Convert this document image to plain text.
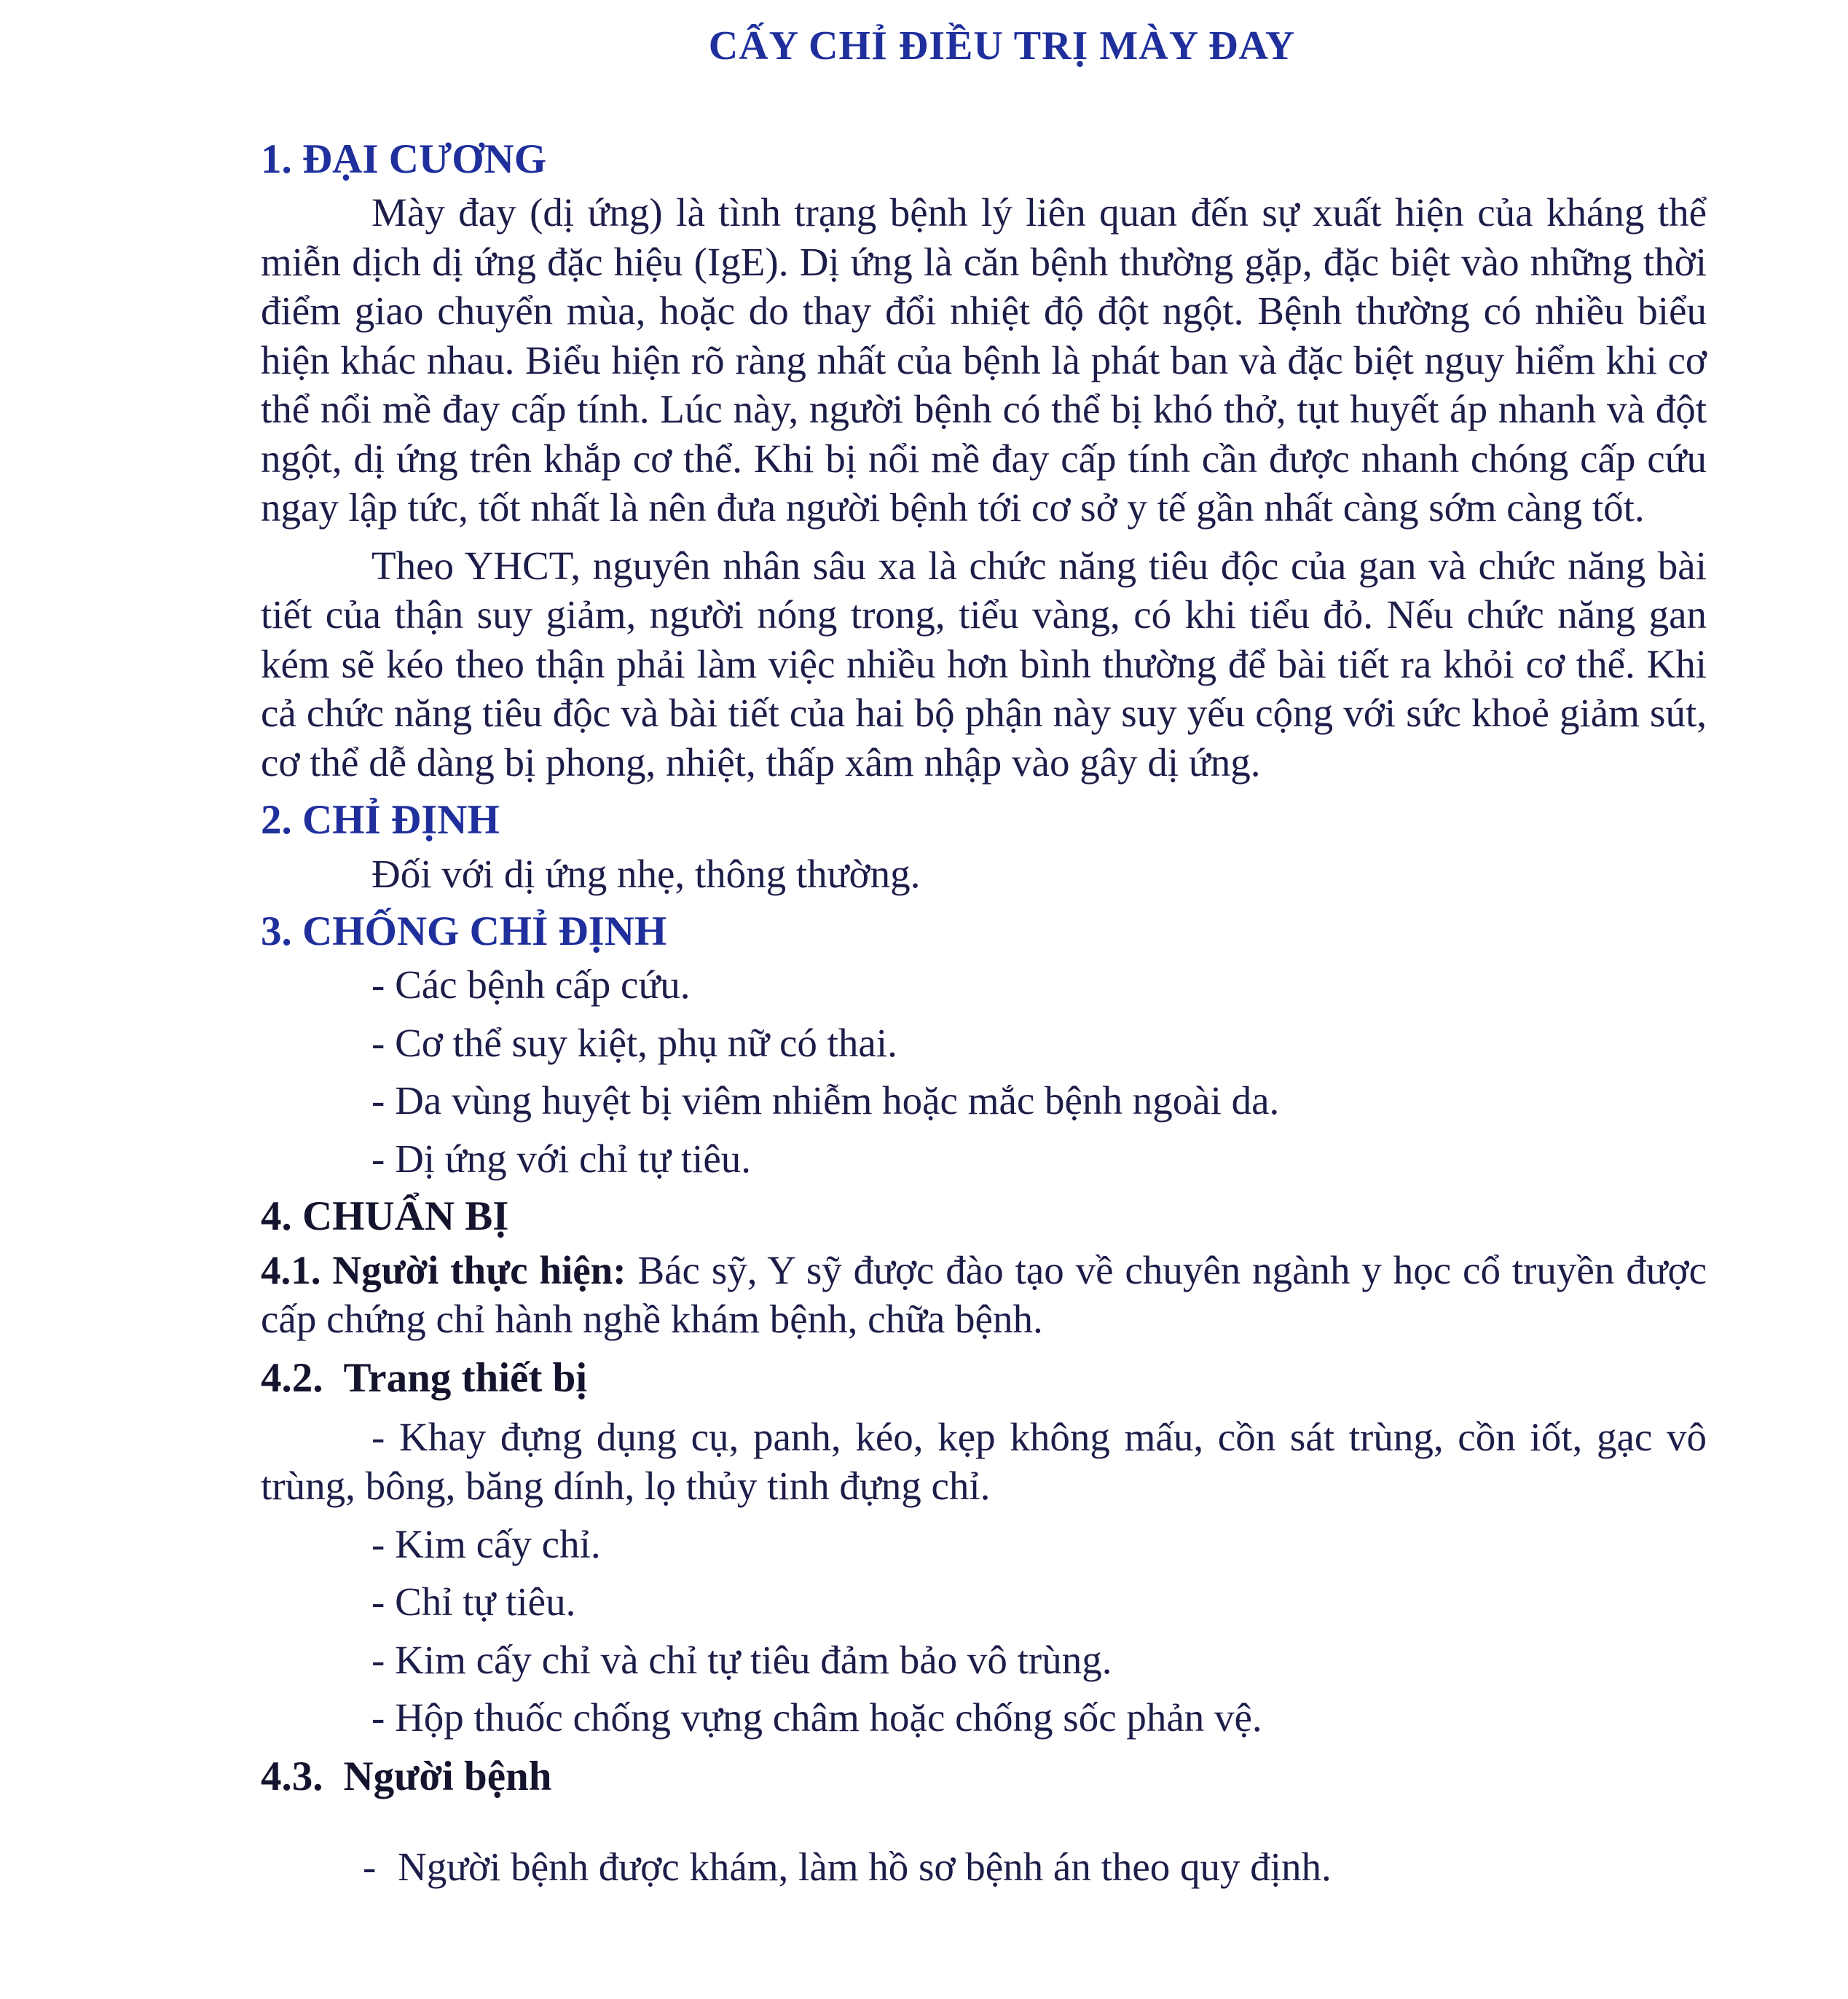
CẤY CHỈ ĐIỀU TRỊ MÀY ĐAY
1. ĐẠI CƯƠNG

Mày đay (dị ứng) là tình trạng bệnh lý liên quan đến sự xuất hiện của kháng thể miễn dịch dị ứng đặc hiệu (IgE). Dị ứng là căn bệnh thường gặp, đặc biệt vào những thời điểm giao chuyển mùa, hoặc do thay đổi nhiệt độ đột ngột. Bệnh thường có nhiều biểu hiện khác nhau. Biểu hiện rõ ràng nhất của bệnh là phát ban và đặc biệt nguy hiểm khi cơ thể nổi mề đay cấp tính. Lúc này, người bệnh có thể bị khó thở, tụt huyết áp nhanh và đột ngột, dị ứng trên khắp cơ thể. Khi bị nổi mề đay cấp tính cần được nhanh chóng cấp cứu ngay lập tức, tốt nhất là nên đưa người bệnh tới cơ sở y tế gần nhất càng sớm càng tốt.

Theo YHCT, nguyên nhân sâu xa là chức năng tiêu độc của gan và chức năng bài tiết của thận suy giảm, người nóng trong, tiểu vàng, có khi tiểu đỏ. Nếu chức năng gan kém sẽ kéo theo thận phải làm việc nhiều hơn bình thường để bài tiết ra khỏi cơ thể. Khi cả chức năng tiêu độc và bài tiết của hai bộ phận này suy yếu cộng với sức khoẻ giảm sút, cơ thể dễ dàng bị phong, nhiệt, thấp xâm nhập vào gây dị ứng.

2. CHỈ ĐỊNH

Đối với dị ứng nhẹ, thông thường.

3. CHỐNG CHỈ ĐỊNH

- Các bệnh cấp cứu.

- Cơ thể suy kiệt, phụ nữ có thai.

- Da vùng huyệt bị viêm nhiễm hoặc mắc bệnh ngoài da.

- Dị ứng với chỉ tự tiêu.

4. CHUẨN BỊ

4.1. Người thực hiện: Bác sỹ, Y sỹ được đào tạo về chuyên ngành y học cổ truyền được cấp chứng chỉ hành nghề khám bệnh, chữa bệnh.

4.2. Trang thiết bị

- Khay đựng dụng cụ, panh, kéo, kẹp không mấu, cồn sát trùng, cồn iốt, gạc vô trùng, bông, băng dính, lọ thủy tinh đựng chỉ.

- Kim cấy chỉ.

- Chỉ tự tiêu.

- Kim cấy chỉ và chỉ tự tiêu đảm bảo vô trùng.

- Hộp thuốc chống vựng châm hoặc chống sốc phản vệ.

4.3. Người bệnh

- Người bệnh được khám, làm hồ sơ bệnh án theo quy định.
